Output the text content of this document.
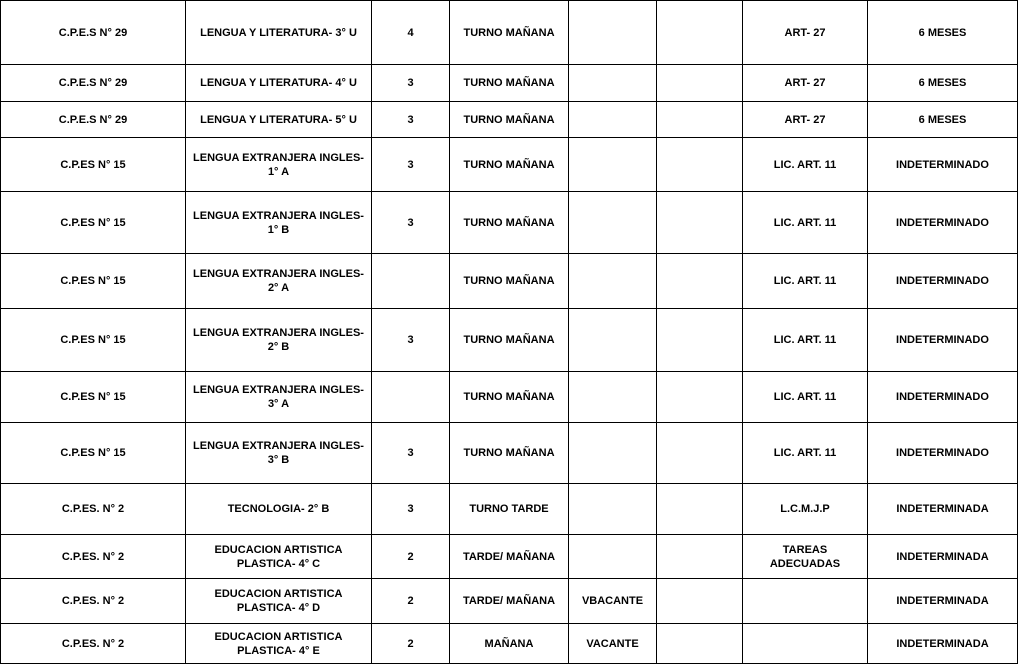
C.P.E.S N° 29	LENGUA Y LITERATURA- 3° U	4	TURNO MAÑANA			ART- 27	6 MESES
C.P.E.S N° 29	LENGUA Y LITERATURA- 4° U	3	TURNO MAÑANA			ART- 27	6 MESES
C.P.E.S N° 29	LENGUA Y LITERATURA- 5° U	3	TURNO MAÑANA			ART- 27	6 MESES
C.P.ES N° 15	LENGUA EXTRANJERA INGLES- 1° A	3	TURNO MAÑANA			LIC. ART. 11	INDETERMINADO
C.P.ES N° 15	LENGUA EXTRANJERA INGLES- 1° B	3	TURNO MAÑANA			LIC. ART. 11	INDETERMINADO
C.P.ES N° 15	LENGUA EXTRANJERA INGLES- 2° A		TURNO MAÑANA			LIC. ART. 11	INDETERMINADO
C.P.ES N° 15	LENGUA EXTRANJERA INGLES- 2° B	3	TURNO MAÑANA			LIC. ART. 11	INDETERMINADO
C.P.ES N° 15	LENGUA EXTRANJERA INGLES- 3° A		TURNO MAÑANA			LIC. ART. 11	INDETERMINADO
C.P.ES N° 15	LENGUA EXTRANJERA INGLES- 3° B	3	TURNO MAÑANA			LIC. ART. 11	INDETERMINADO
C.P.ES. N° 2	TECNOLOGIA- 2° B	3	TURNO TARDE			L.C.M.J.P	INDETERMINADA
C.P.ES. N° 2	EDUCACION ARTISTICA PLASTICA- 4° C	2	TARDE/ MAÑANA			TAREAS ADECUADAS	INDETERMINADA
C.P.ES. N° 2	EDUCACION ARTISTICA PLASTICA- 4° D	2	TARDE/ MAÑANA	VBACANTE			INDETERMINADA
C.P.ES. N° 2	EDUCACION ARTISTICA PLASTICA- 4° E	2	MAÑANA	VACANTE			INDETERMINADA
